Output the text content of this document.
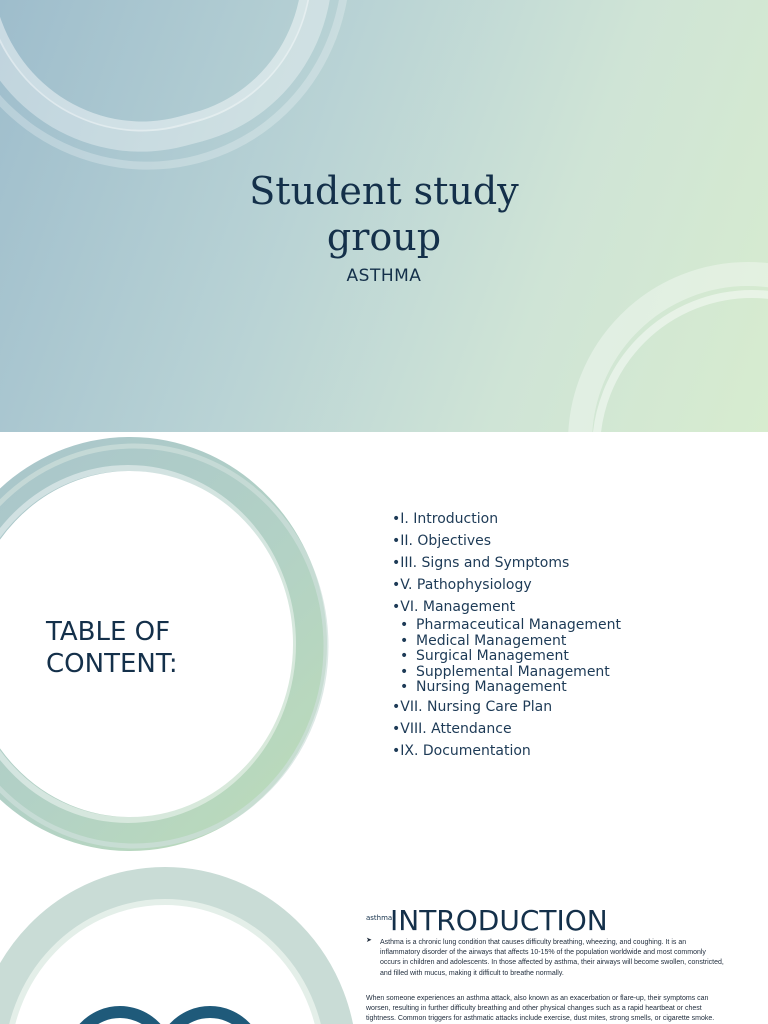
Student study
group
ASTHMA
TABLE OF
CONTENT:
•I. Introduction
•II. Objectives
•III. Signs and Symptoms
•V. Pathophysiology
•VI. Management
• Pharmaceutical Management
• Medical Management
• Surgical Management
• Supplemental Management
• Nursing Management
•VII. Nursing Care Plan
•VIII. Attendance
•IX. Documentation
asthma
INTRODUCTION
➤ Asthma is a chronic lung condition that causes difficulty breathing, wheezing, and coughing. It is an inflammatory disorder of the airways that affects 10-15% of the population worldwide and most commonly occurs in children and adolescents. In those affected by asthma, their airways will become swollen, constricted, and filled with mucus, making it difficult to breathe normally.
When someone experiences an asthma attack, also known as an exacerbation or flare-up, their symptoms can worsen, resulting in further difficulty breathing and other physical changes such as a rapid heartbeat or chest tightness. Common triggers for asthmatic attacks include exercise, dust mites, strong smells, or cigarette smoke.
